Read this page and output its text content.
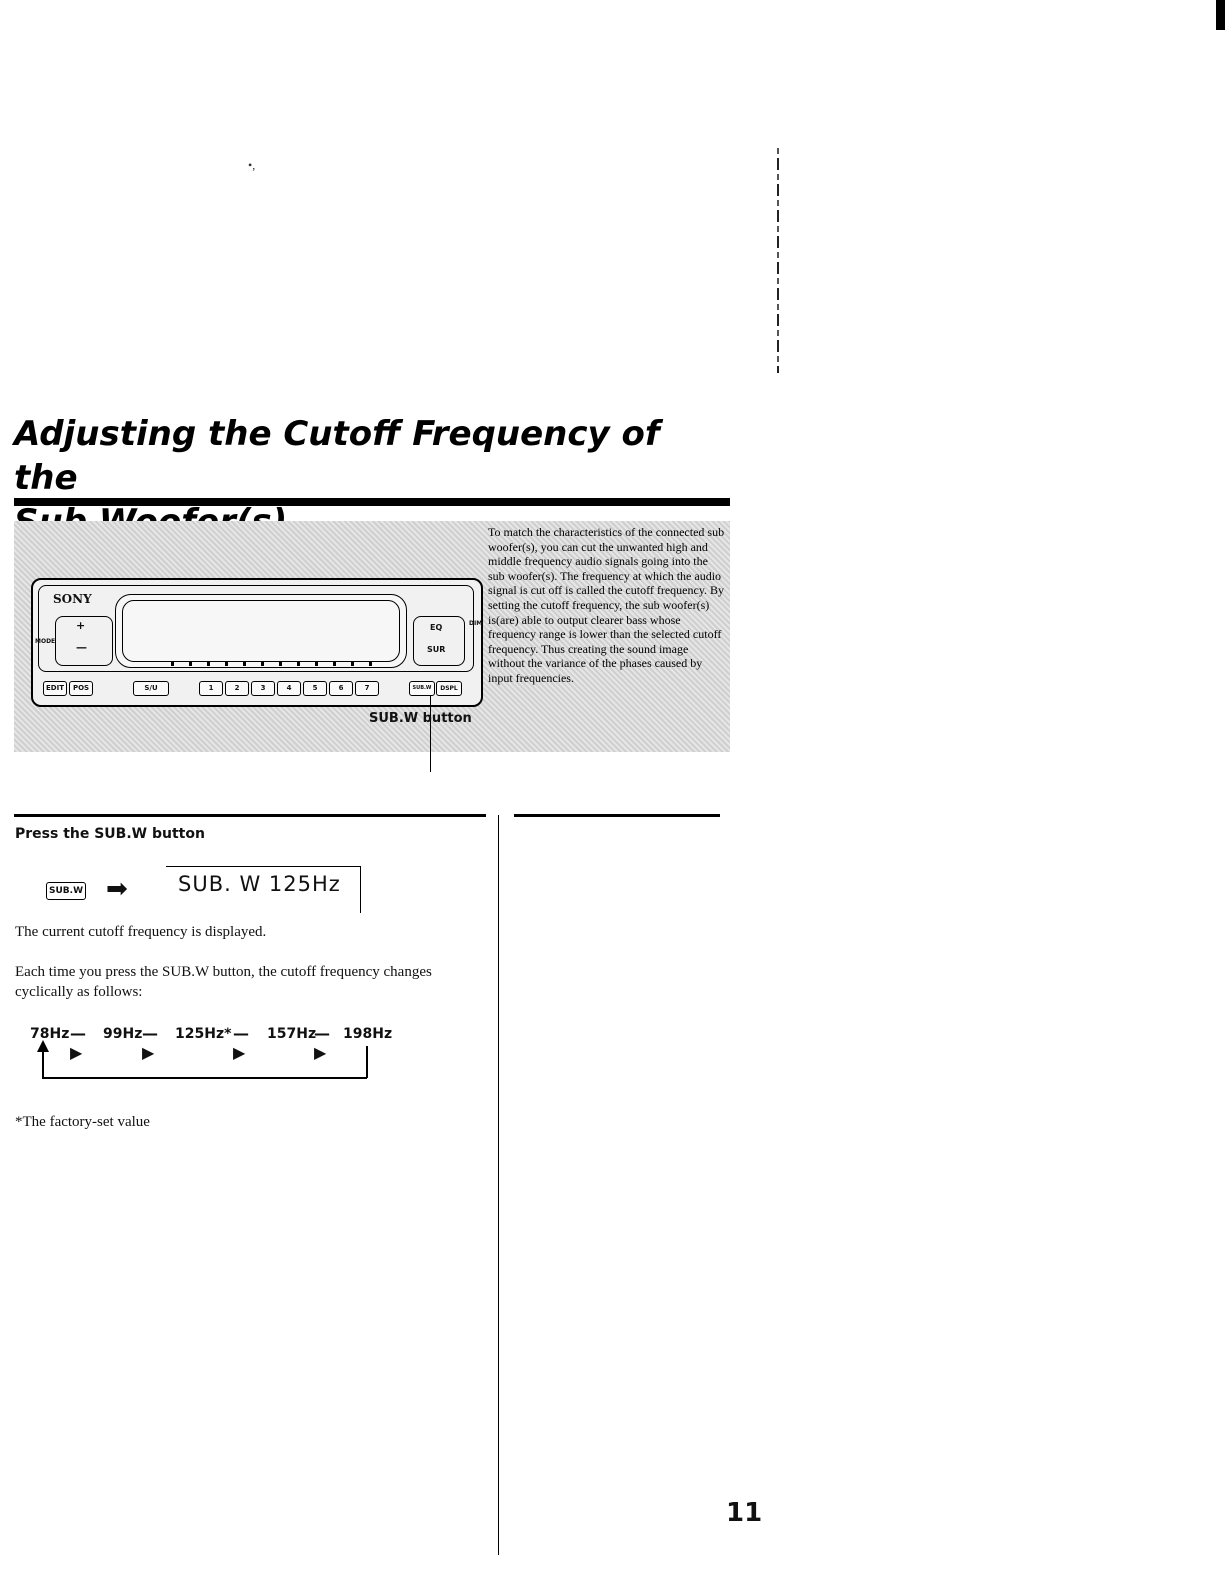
•,
Adjusting the Cutoff Frequency of the

SONY
+
—
MODE
EQ
SUR
DIM
EDIT	POS	S/U	1	2	3	4	5	6	7	SUB.W	DSPL
SUB.W button

To match the characteristics of the connected sub woofer(s), you can cut the unwanted high and middle frequency audio signals going into the sub woofer(s). The frequency at which the audio signal is cut off is called the cutoff frequency. By setting the cutoff frequency, the sub woofer(s) is(are) able to output clearer bass whose frequency range is lower than the selected cutoff frequency. Thus creating the sound image without the variance of the phases caused by input frequencies.

Press the SUB.W button
SUB.W ➡ SUB. W 125Hz

The current cutoff frequency is displayed.

Each time you press the SUB.W button, the cutoff frequency changes cyclically as follows:

78Hz —▶
99Hz —▶
125Hz* —▶
157Hz
—▶
198Hz

*The factory-set value

11
